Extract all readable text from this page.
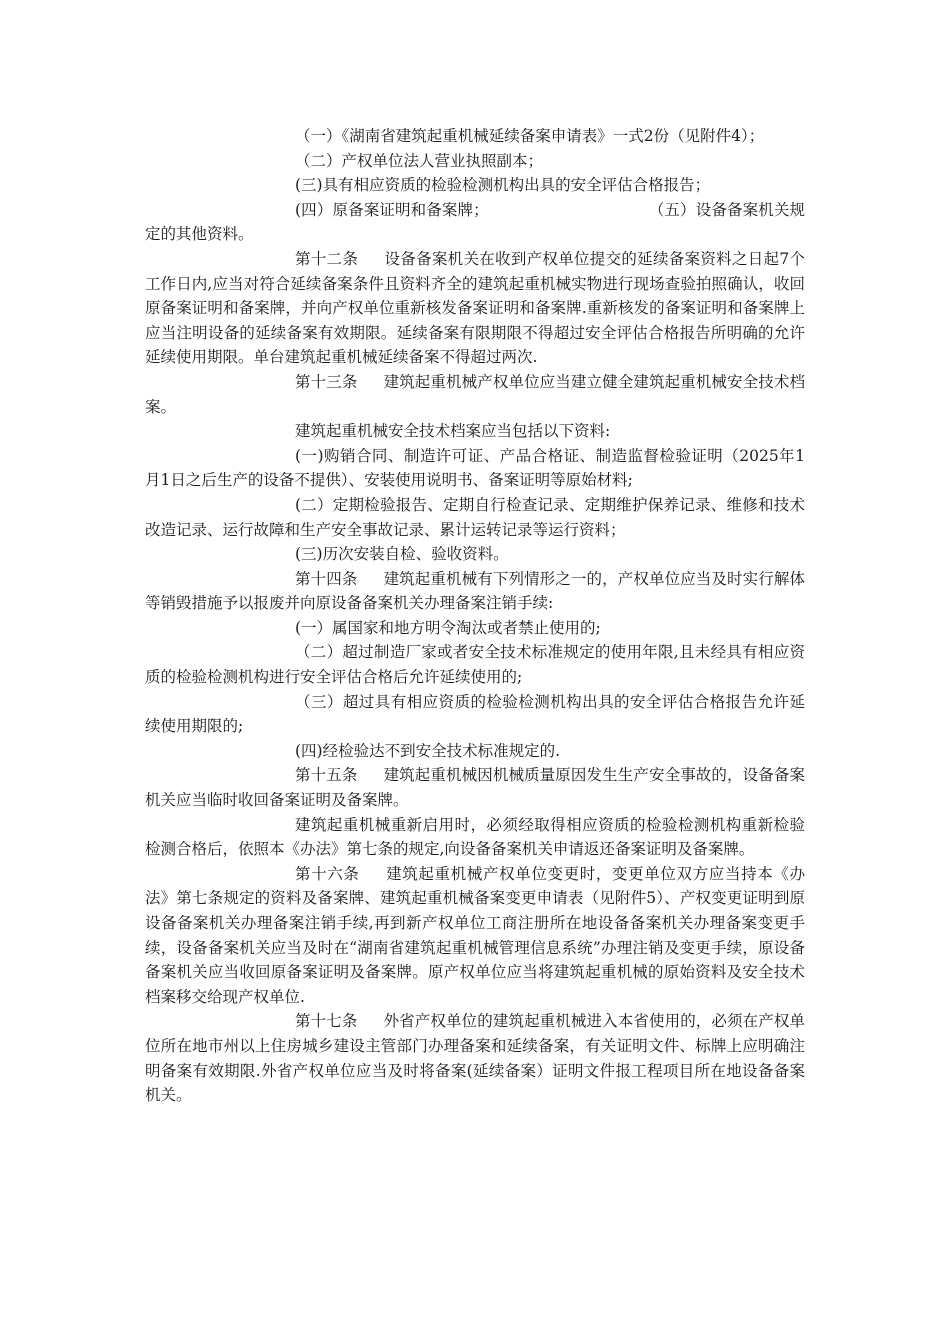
（一）《湖南省建筑起重机械延续备案申请表》一式2份（见附件4）；

（二）产权单位法人营业执照副本；

(三)具有相应资质的检验检测机构出具的安全评估合格报告；

(四）原备案证明和备案牌；	（五）设备备案机关规定的其他资料。

第十二条 设备备案机关在收到产权单位提交的延续备案资料之日起7个工作日内,应当对符合延续备案条件且资料齐全的建筑起重机械实物进行现场查验拍照确认，收回原备案证明和备案牌，并向产权单位重新核发备案证明和备案牌.重新核发的备案证明和备案牌上应当注明设备的延续备案有效期限。延续备案有限期限不得超过安全评估合格报告所明确的允许延续使用期限。单台建筑起重机械延续备案不得超过两次.

第十三条 建筑起重机械产权单位应当建立健全建筑起重机械安全技术档案。

建筑起重机械安全技术档案应当包括以下资料:

(一)购销合同、制造许可证、产品合格证、制造监督检验证明（2025年1月1日之后生产的设备不提供）、安装使用说明书、备案证明等原始材料;

(二）定期检验报告、定期自行检查记录、定期维护保养记录、维修和技术改造记录、运行故障和生产安全事故记录、累计运转记录等运行资料；

(三)历次安装自检、验收资料。

第十四条 建筑起重机械有下列情形之一的，产权单位应当及时实行解体等销毁措施予以报废并向原设备备案机关办理备案注销手续:

(一）属国家和地方明令淘汰或者禁止使用的;

（二）超过制造厂家或者安全技术标准规定的使用年限,且未经具有相应资质的检验检测机构进行安全评估合格后允许延续使用的;

（三）超过具有相应资质的检验检测机构出具的安全评估合格报告允许延续使用期限的;

(四)经检验达不到安全技术标准规定的.

第十五条 建筑起重机械因机械质量原因发生生产安全事故的，设备备案机关应当临时收回备案证明及备案牌。

建筑起重机械重新启用时，必须经取得相应资质的检验检测机构重新检验检测合格后，依照本《办法》第七条的规定,向设备备案机关申请返还备案证明及备案牌。

第十六条 建筑起重机械产权单位变更时，变更单位双方应当持本《办法》第七条规定的资料及备案牌、建筑起重机械备案变更申请表（见附件5）、产权变更证明到原设备备案机关办理备案注销手续,再到新产权单位工商注册所在地设备备案机关办理备案变更手续，设备备案机关应当及时在“湖南省建筑起重机械管理信息系统”办理注销及变更手续，原设备备案机关应当收回原备案证明及备案牌。原产权单位应当将建筑起重机械的原始资料及安全技术档案移交给现产权单位.

第十七条 外省产权单位的建筑起重机械进入本省使用的，必须在产权单位所在地市州以上住房城乡建设主管部门办理备案和延续备案，有关证明文件、标牌上应明确注明备案有效期限.外省产权单位应当及时将备案(延续备案）证明文件报工程项目所在地设备备案机关。
